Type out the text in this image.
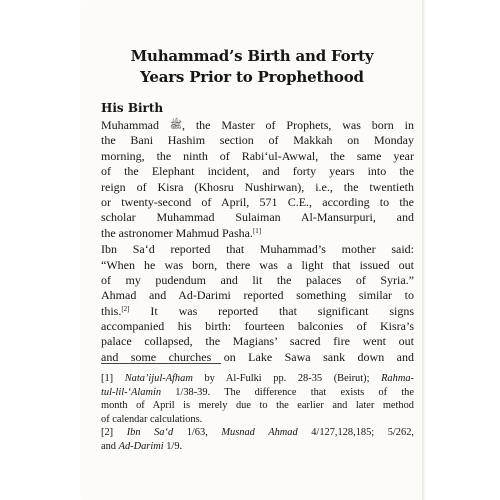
Muhammad’s Birth and Forty
Years Prior to Prophethood
His Birth
Muhammad ﷺ, the Master of Prophets, was born in
the Bani Hashim section of Makkah on Monday
morning, the ninth of Rabi‘ul-Awwal, the same year
of the Elephant incident, and forty years into the
reign of Kisra (Khosru Nushirwan), i.e., the twentieth
or twenty-second of April, 571 C.E., according to the
scholar Muhammad Sulaiman Al-Mansurpuri, and
the astronomer Mahmud Pasha.[1]
Ibn Sa‘d reported that Muhammad’s mother said:
“When he was born, there was a light that issued out
of my pudendum and lit the palaces of Syria.”
Ahmad and Ad-Darimi reported something similar to
this.[2] It was reported that significant signs
accompanied his birth: fourteen balconies of Kisra’s
palace collapsed, the Magians’ sacred fire went out
and some churches on Lake Sawa sank down and
[1] Nata’ijul-Afham by Al-Fulki pp. 28-35 (Beirut); Rahma-
tul-lil-‘Alamin 1/38-39. The difference that exists of the
month of April is merely due to the earlier and later method
of calendar calculations.
[2] Ibn Sa‘d 1/63, Musnad Ahmad 4/127,128,185; 5/262,
and Ad-Darimi 1/9.
